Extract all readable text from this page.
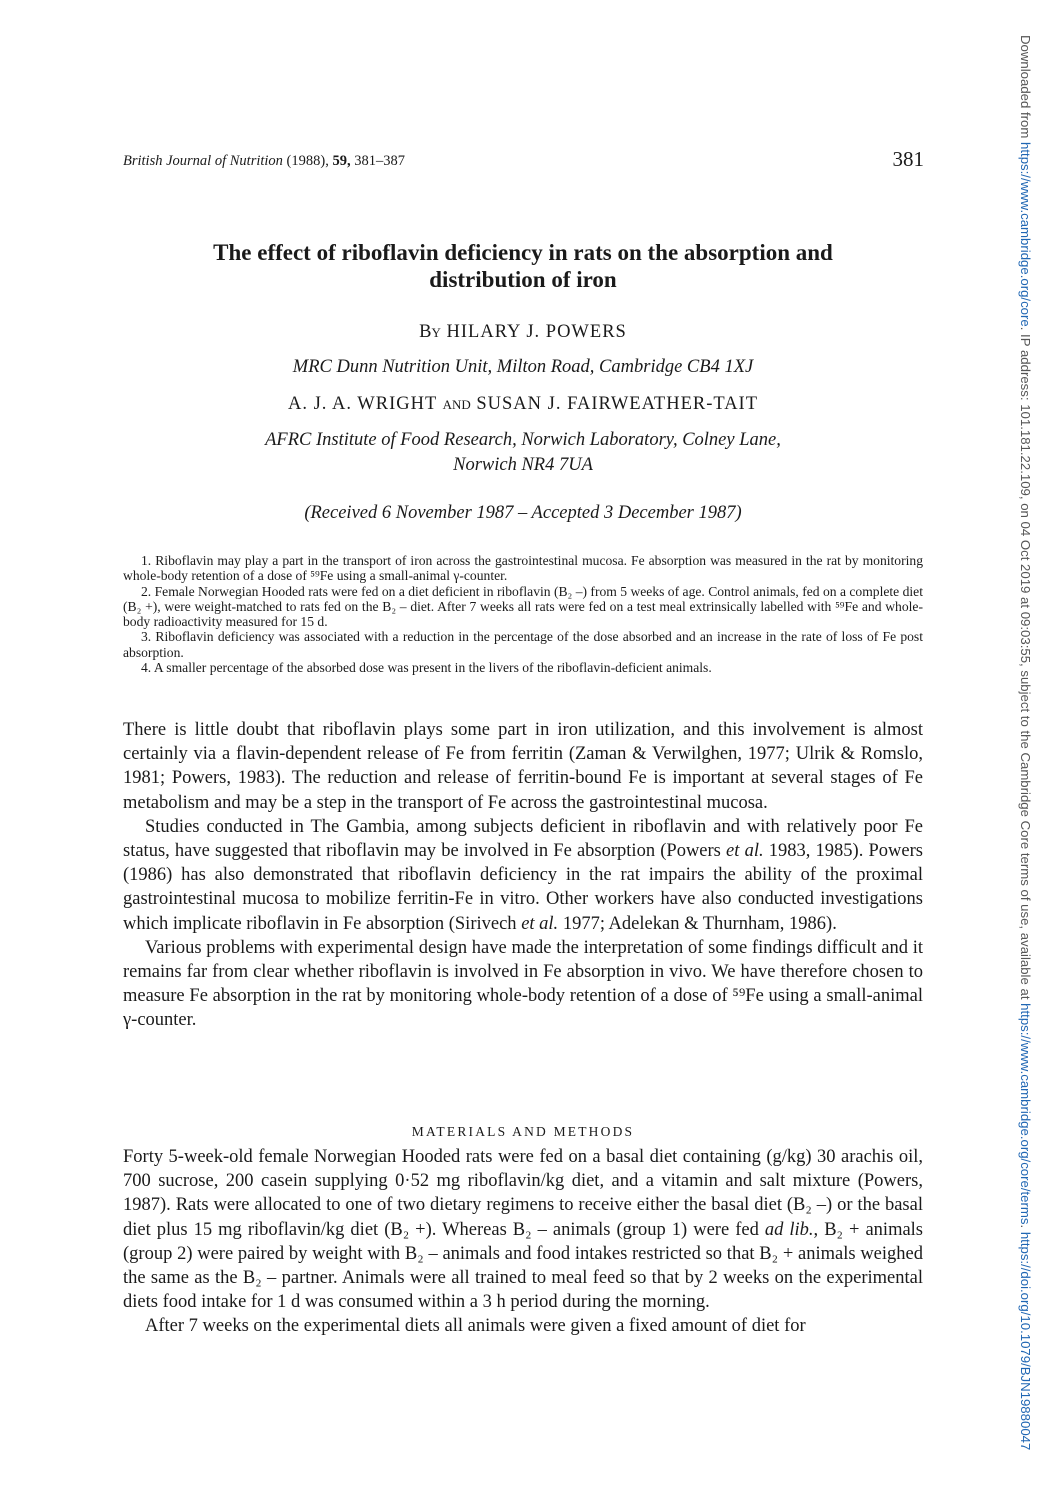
British Journal of Nutrition (1988), 59, 381–387	381
The effect of riboflavin deficiency in rats on the absorption and
distribution of iron
By HILARY J. POWERS
MRC Dunn Nutrition Unit, Milton Road, Cambridge CB4 1XJ
A. J. A. WRIGHT and SUSAN J. FAIRWEATHER-TAIT
AFRC Institute of Food Research, Norwich Laboratory, Colney Lane,
Norwich NR4 7UA
(Received 6 November 1987 – Accepted 3 December 1987)

1. Riboflavin may play a part in the transport of iron across the gastrointestinal mucosa. Fe absorption was measured in the rat by monitoring whole-body retention of a dose of ⁵⁹Fe using a small-animal γ-counter.

2. Female Norwegian Hooded rats were fed on a diet deficient in riboflavin (B₂ –) from 5 weeks of age. Control animals, fed on a complete diet (B₂ +), were weight-matched to rats fed on the B₂ – diet. After 7 weeks all rats were fed on a test meal extrinsically labelled with ⁵⁹Fe and whole-body radioactivity measured for 15 d.

3. Riboflavin deficiency was associated with a reduction in the percentage of the dose absorbed and an increase in the rate of loss of Fe post absorption.

4. A smaller percentage of the absorbed dose was present in the livers of the riboflavin-deficient animals.

There is little doubt that riboflavin plays some part in iron utilization, and this involvement is almost certainly via a flavin-dependent release of Fe from ferritin (Zaman & Verwilghen, 1977; Ulrik & Romslo, 1981; Powers, 1983). The reduction and release of ferritin-bound Fe is important at several stages of Fe metabolism and may be a step in the transport of Fe across the gastrointestinal mucosa.

Studies conducted in The Gambia, among subjects deficient in riboflavin and with relatively poor Fe status, have suggested that riboflavin may be involved in Fe absorption (Powers et al. 1983, 1985). Powers (1986) has also demonstrated that riboflavin deficiency in the rat impairs the ability of the proximal gastrointestinal mucosa to mobilize ferritin-Fe in vitro. Other workers have also conducted investigations which implicate riboflavin in Fe absorption (Sirivech et al. 1977; Adelekan & Thurnham, 1986).

Various problems with experimental design have made the interpretation of some findings difficult and it remains far from clear whether riboflavin is involved in Fe absorption in vivo. We have therefore chosen to measure Fe absorption in the rat by monitoring whole-body retention of a dose of ⁵⁹Fe using a small-animal γ-counter.

MATERIALS AND METHODS

Forty 5-week-old female Norwegian Hooded rats were fed on a basal diet containing (g/kg) 30 arachis oil, 700 sucrose, 200 casein supplying 0·52 mg riboflavin/kg diet, and a vitamin and salt mixture (Powers, 1987). Rats were allocated to one of two dietary regimens to receive either the basal diet (B₂ –) or the basal diet plus 15 mg riboflavin/kg diet (B₂ +). Whereas B₂ – animals (group 1) were fed ad lib., B₂ + animals (group 2) were paired by weight with B₂ – animals and food intakes restricted so that B₂ + animals weighed the same as the B₂ – partner. Animals were all trained to meal feed so that by 2 weeks on the experimental diets food intake for 1 d was consumed within a 3 h period during the morning.

After 7 weeks on the experimental diets all animals were given a fixed amount of diet for

Downloaded from https://www.cambridge.org/core. IP address: 101.181.22.109, on 04 Oct 2019 at 09:03:55, subject to the Cambridge Core terms of use, available at https://www.cambridge.org/core/terms. https://doi.org/10.1079/BJN19880047
